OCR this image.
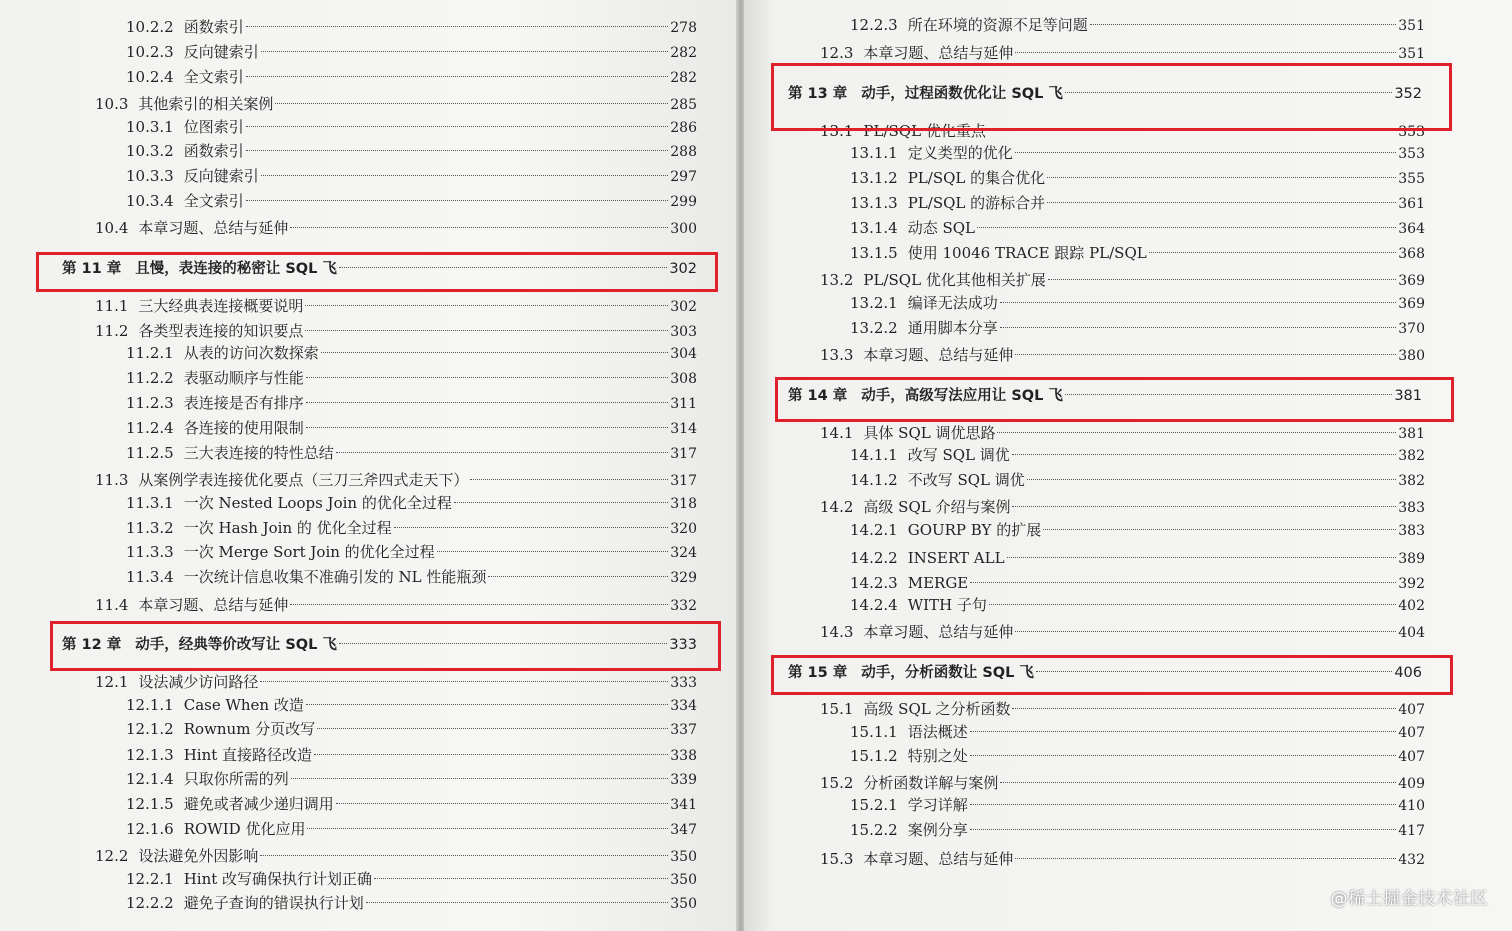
10.2.2 函数索引	278
10.2.3 反向键索引	282
10.2.4 全文索引	282
10.3 其他索引的相关案例	285
10.3.1 位图索引	286
10.3.2 函数索引	288
10.3.3 反向键索引	297
10.3.4 全文索引	299
10.4 本章习题、总结与延伸	300
第 11 章 且慢，表连接的秘密让 SQL 飞	302
11.1 三大经典表连接概要说明	302
11.2 各类型表连接的知识要点	303
11.2.1 从表的访问次数探索	304
11.2.2 表驱动顺序与性能	308
11.2.3 表连接是否有排序	311
11.2.4 各连接的使用限制	314
11.2.5 三大表连接的特性总结	317
11.3 从案例学表连接优化要点（三刀三斧四式走天下）	317
11.3.1 一次 Nested Loops Join 的优化全过程	318
11.3.2 一次 Hash Join 的 优化全过程	320
11.3.3 一次 Merge Sort Join 的优化全过程	324
11.3.4 一次统计信息收集不准确引发的 NL 性能瓶颈	329
11.4 本章习题、总结与延伸	332
第 12 章 动手，经典等价改写让 SQL 飞	333
12.1 设法减少访问路径	333
12.1.1 Case When 改造	334
12.1.2 Rownum 分页改写	337
12.1.3 Hint 直接路径改造	338
12.1.4 只取你所需的列	339
12.1.5 避免或者减少递归调用	341
12.1.6 ROWID 优化应用	347
12.2 设法避免外因影响	350
12.2.1 Hint 改写确保执行计划正确	350
12.2.2 避免子查询的错误执行计划	350
12.2.3 所在环境的资源不足等问题	351
12.3 本章习题、总结与延伸	351
第 13 章 动手，过程函数优化让 SQL 飞	352
13.1 PL/SQL 优化重点	353
13.1.1 定义类型的优化	353
13.1.2 PL/SQL 的集合优化	355
13.1.3 PL/SQL 的游标合并	361
13.1.4 动态 SQL	364
13.1.5 使用 10046 TRACE 跟踪 PL/SQL	368
13.2 PL/SQL 优化其他相关扩展	369
13.2.1 编译无法成功	369
13.2.2 通用脚本分享	370
13.3 本章习题、总结与延伸	380
第 14 章 动手，高级写法应用让 SQL 飞	381
14.1 具体 SQL 调优思路	381
14.1.1 改写 SQL 调优	382
14.1.2 不改写 SQL 调优	382
14.2 高级 SQL 介绍与案例	383
14.2.1 GOURP BY 的扩展	383
14.2.2 INSERT ALL	389
14.2.3 MERGE	392
14.2.4 WITH 子句	402
14.3 本章习题、总结与延伸	404
第 15 章 动手，分析函数让 SQL 飞	406
15.1 高级 SQL 之分析函数	407
15.1.1 语法概述	407
15.1.2 特别之处	407
15.2 分析函数详解与案例	409
15.2.1 学习详解	410
15.2.2 案例分享	417
15.3 本章习题、总结与延伸	432
@稀土掘金技术社区
